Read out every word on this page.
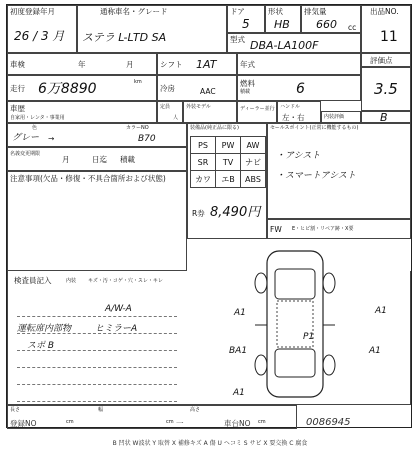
初度登録年月
26 / 3 月
通称車名・グレード
ステラ L-LTD SA
ドア
5
形状
HB
排気量
660 cc
出品NO.
11
型式 DBA-LA100F
車検	年	月	シフト 1AT	年式	評価点
3.5
走行 6万8890	km
冷房	AAC
燃料
積載	6
車歴
自家用・レンタ・事業用
定員
人
外装モデル	ディーラー並行 ハンドル
左・右	内装評価	B
色
グレー →
カラーNO
B70
名義変更期限
月	日迄 積載
注意事項(欠品・修復・不具合箇所および状態)
装備品(純正品に限る)
PS	PW	AW
SR	TV	ナビ
カワ	エB	ABS
R券 8,490円
セールスポイント(正常に機能するもの)
・アシスト
・スマートアシスト
FW E・ヒビ割・リペア跡・X要
検査員記入	内装 キズ・汚・コゲ・穴・スレ・キレ
A/W-A
運転席内部物	ヒミラーA
スポ B
A1	A1
BA1
A1
A1
P1
長さ
cm
幅
cm
高さ
cm
登録NO	一	車台NO	0086945
B 凹状 W波状 Y 取替 X 補修キズ A 傷 U ヘコミ S サビ X 要交換 C 腐食
